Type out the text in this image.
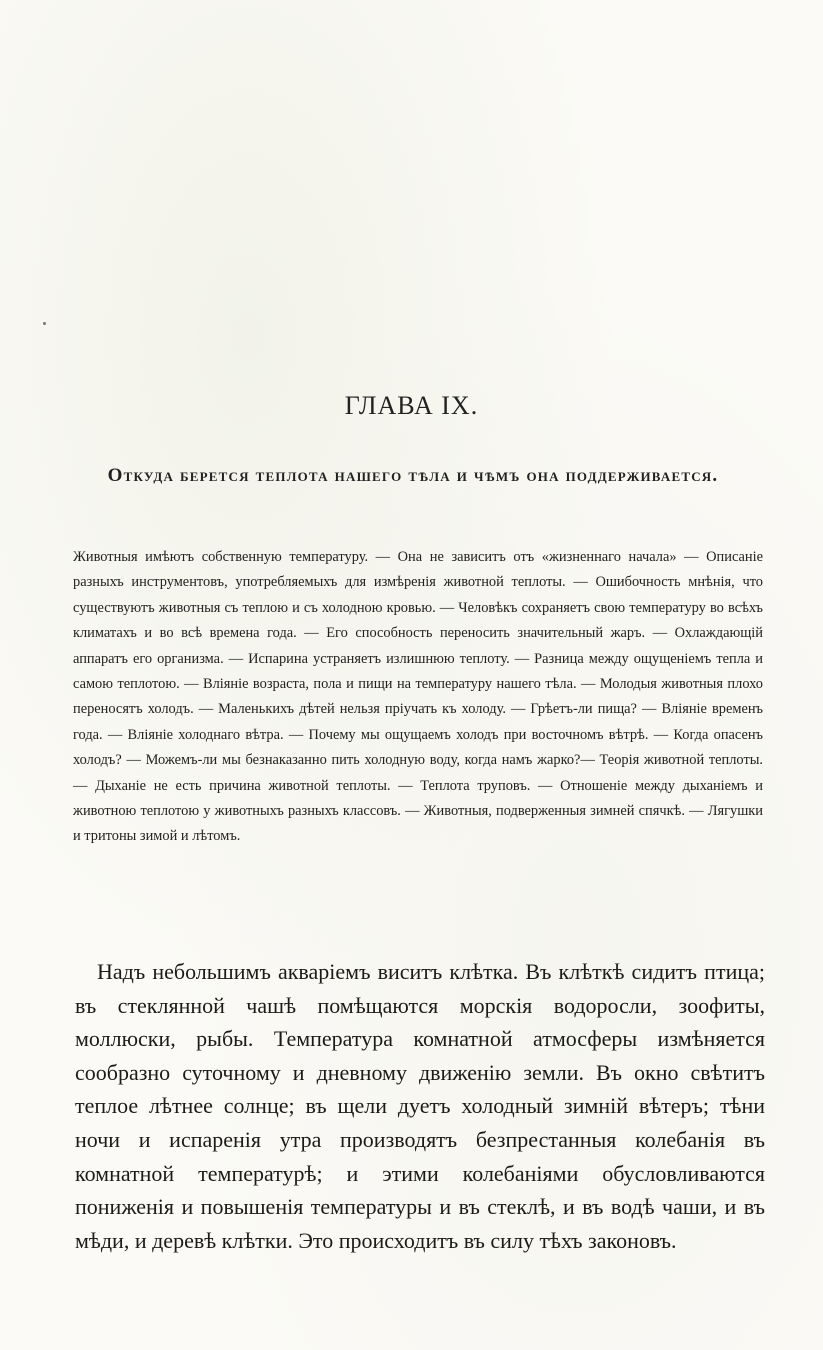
ГЛАВА IX.
Откуда берется теплота нашего тѣла и чѣмъ она поддерживается.
Животныя имѣютъ собственную температуру. — Она не зависитъ отъ «жизненнаго начала» — Описаніе разныхъ инструментовъ, употребляемыхъ для измѣренія животной теплоты. — Ошибочность мнѣнія, что существуютъ животныя съ теплою и съ холодною кровью. — Человѣкъ сохраняетъ свою температуру во всѣхъ климатахъ и во всѣ времена года. — Его способность переносить значительный жаръ. — Охлаждающій аппаратъ его организма. — Испарина устраняетъ излишнюю теплоту. — Разница между ощущеніемъ тепла и самою теплотою. — Вліяніе возраста, пола и пищи на температуру нашего тѣла. — Молодыя животныя плохо переносятъ холодъ. — Маленькихъ дѣтей нельзя пріучать къ холоду. — Грѣетъ-ли пища? — Вліяніе временъ года. — Вліяніе холоднаго вѣтра. — Почему мы ощущаемъ холодъ при восточномъ вѣтрѣ. — Когда опасенъ холодъ? — Можемъ-ли мы безнаказанно пить холодную воду, когда намъ жарко?— Теорія животной теплоты. — Дыханіе не есть причина животной теплоты. — Теплота труповъ. — Отношеніе между дыханіемъ и животною теплотою у животныхъ разныхъ классовъ. — Животныя, подверженныя зимней спячкѣ. — Лягушки и тритоны зимой и лѣтомъ.
Надъ небольшимъ акваріемъ виситъ клѣтка. Въ клѣткѣ сидитъ птица; въ стеклянной чашѣ помѣщаются морскія водоросли, зоофиты, моллюски, рыбы. Температура комнатной атмосферы измѣняется сообразно суточному и дневному движенію земли. Въ окно свѣтитъ теплое лѣтнее солнце; въ щели дуетъ холодный зимній вѣтеръ; тѣни ночи и испаренія утра производятъ безпрестанныя колебанія въ комнатной температурѣ; и этими колебаніями обусловливаются пониженія и повышенія температуры и въ стеклѣ, и въ водѣ чаши, и въ мѣди, и деревѣ клѣтки. Это происходитъ въ силу тѣхъ законовъ.
